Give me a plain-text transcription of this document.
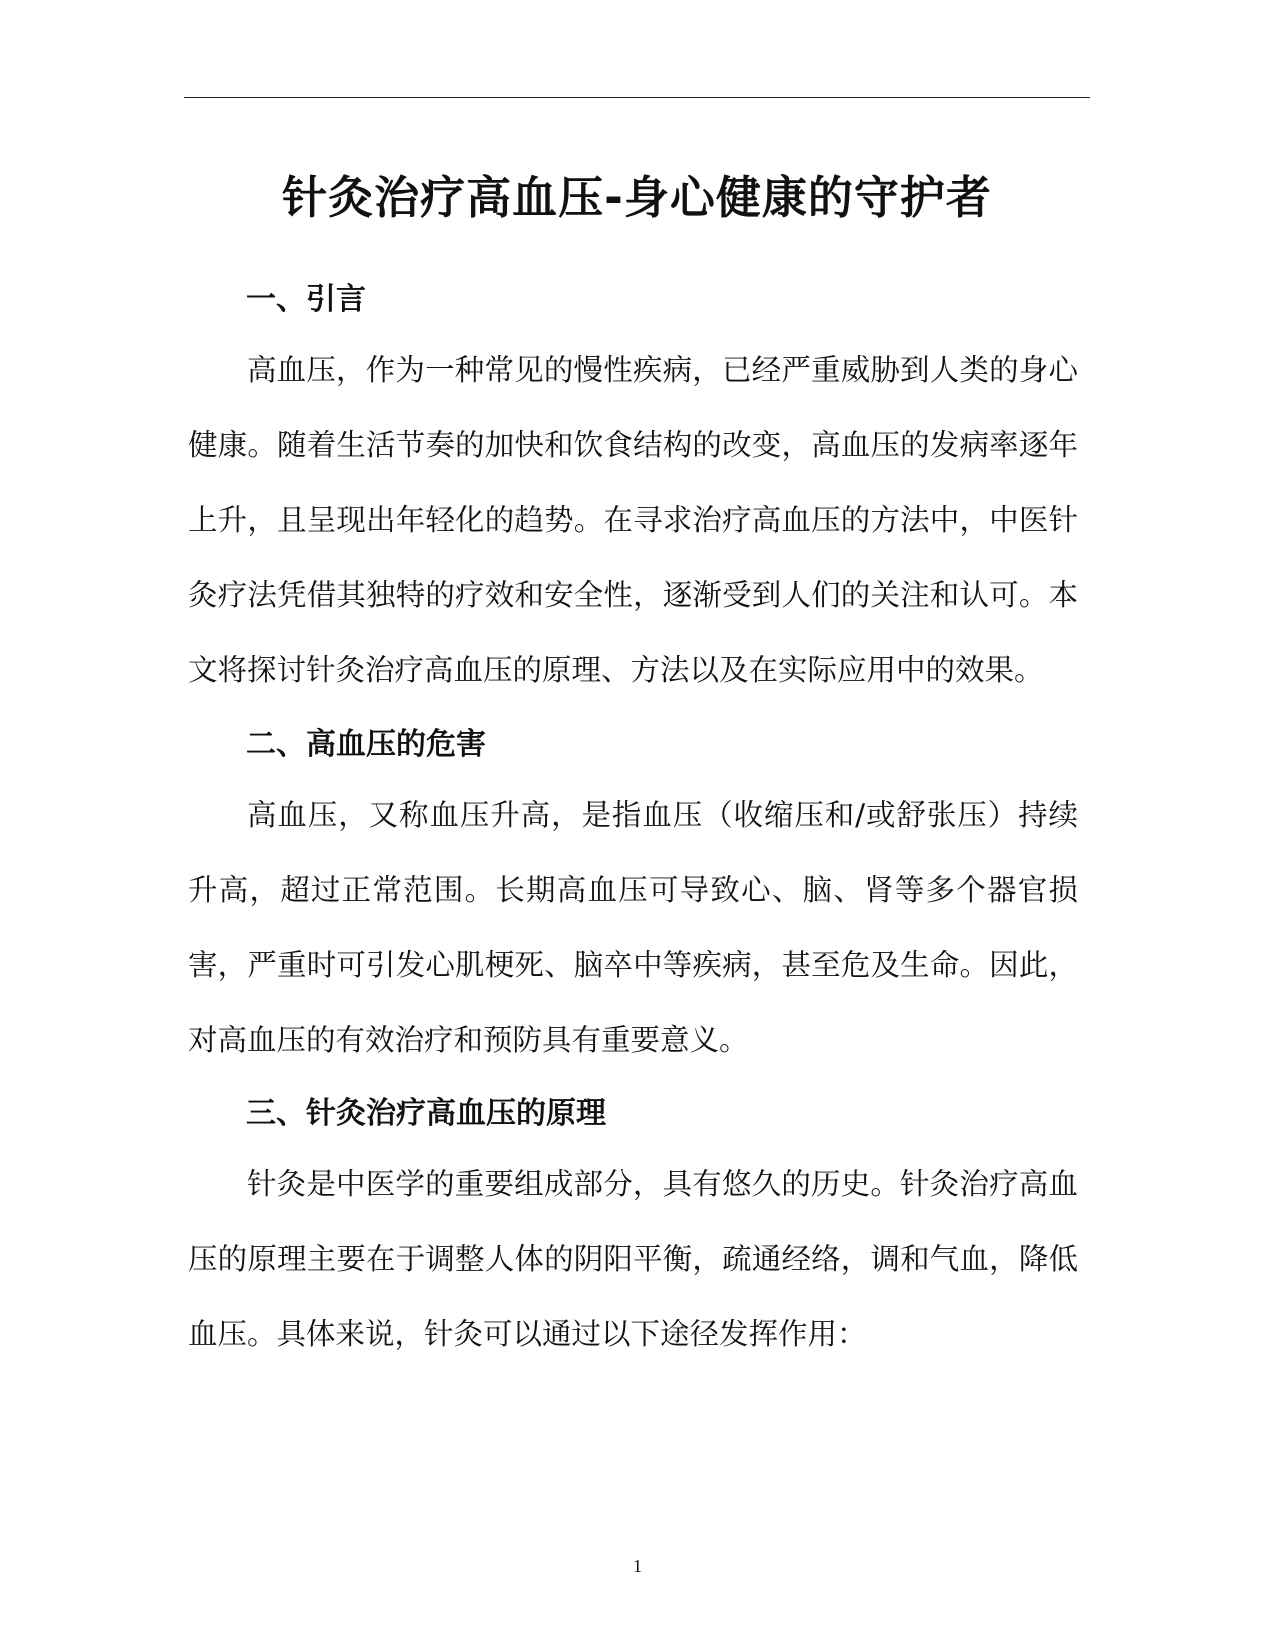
针灸治疗高血压-身心健康的守护者
一、引言

高血压，作为一种常见的慢性疾病，已经严重威胁到人类的身心健康。随着生活节奏的加快和饮食结构的改变，高血压的发病率逐年上升，且呈现出年轻化的趋势。在寻求治疗高血压的方法中，中医针灸疗法凭借其独特的疗效和安全性，逐渐受到人们的关注和认可。本文将探讨针灸治疗高血压的原理、方法以及在实际应用中的效果。

二、高血压的危害

高血压，又称血压升高，是指血压（收缩压和/或舒张压）持续升高，超过正常范围。长期高血压可导致心、脑、肾等多个器官损害，严重时可引发心肌梗死、脑卒中等疾病，甚至危及生命。因此，对高血压的有效治疗和预防具有重要意义。

三、针灸治疗高血压的原理

针灸是中医学的重要组成部分，具有悠久的历史。针灸治疗高血压的原理主要在于调整人体的阴阳平衡，疏通经络，调和气血，降低血压。具体来说，针灸可以通过以下途径发挥作用：

1
